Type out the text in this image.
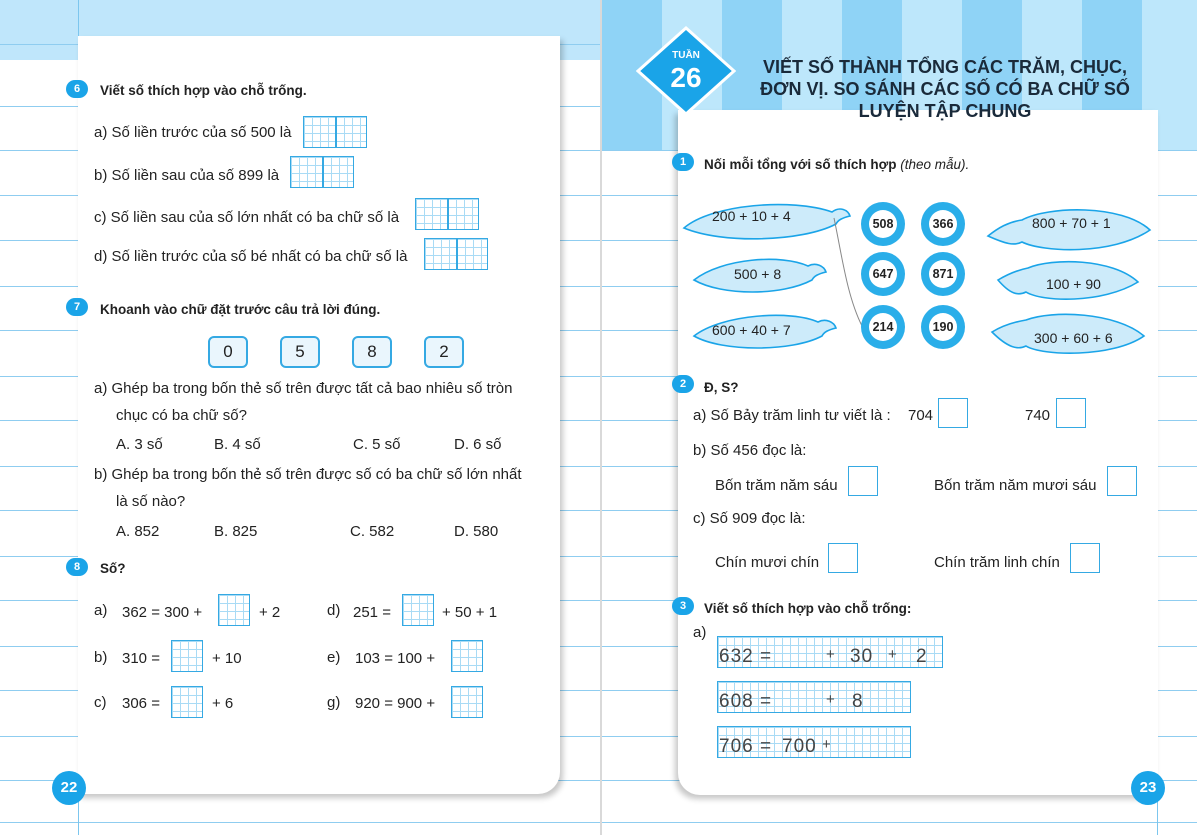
TUẦN
26	VIẾT SỐ THÀNH TỔNG CÁC TRĂM, CHỤC,
ĐƠN VỊ. SO SÁNH CÁC SỐ CÓ BA CHỮ SỐ
LUYỆN TẬP CHUNG
6	Viết số thích hợp vào chỗ trống.
a) Số liền trước của số 500 là
b) Số liền sau của số 899 là
c) Số liền sau của số lớn nhất có ba chữ số là
d) Số liền trước của số bé nhất có ba chữ số là
7	Khoanh vào chữ đặt trước câu trả lời đúng.
0	5	8	2
a) Ghép ba trong bốn thẻ số trên được tất cả bao nhiêu số tròn
chục có ba chữ số?
A. 3 số	B. 4 số	C. 5 số	D. 6 số
b) Ghép ba trong bốn thẻ số trên được số có ba chữ số lớn nhất
là số nào?
A. 852	B. 825	C. 582	D. 580
8	Số?
a) 362 = 300 +	+ 2	d) 251 =	+ 50 + 1
b) 310 =	+ 10	e) 103 = 100 +
c) 306 =	+ 6	g) 920 = 900 +
22
1	Nối mỗi tổng với số thích hợp (theo mẫu).
200 + 10 + 4
500 + 8
600 + 40 + 7
800 + 70 + 1
100 + 90
300 + 60 + 6
508	366
647	871
214	190
2	Đ, S?
a) Số Bảy trăm linh tư viết là : 704	740
b) Số 456 đọc là:
Bốn trăm năm sáu	Bốn trăm năm mươi sáu
c) Số 909 đọc là:
Chín mươi chín	Chín trăm linh chín
3	Viết số thích hợp vào chỗ trống:
a)
632 =	+ 30 + 2
608 =	+ 8
706 = 700 +
23
